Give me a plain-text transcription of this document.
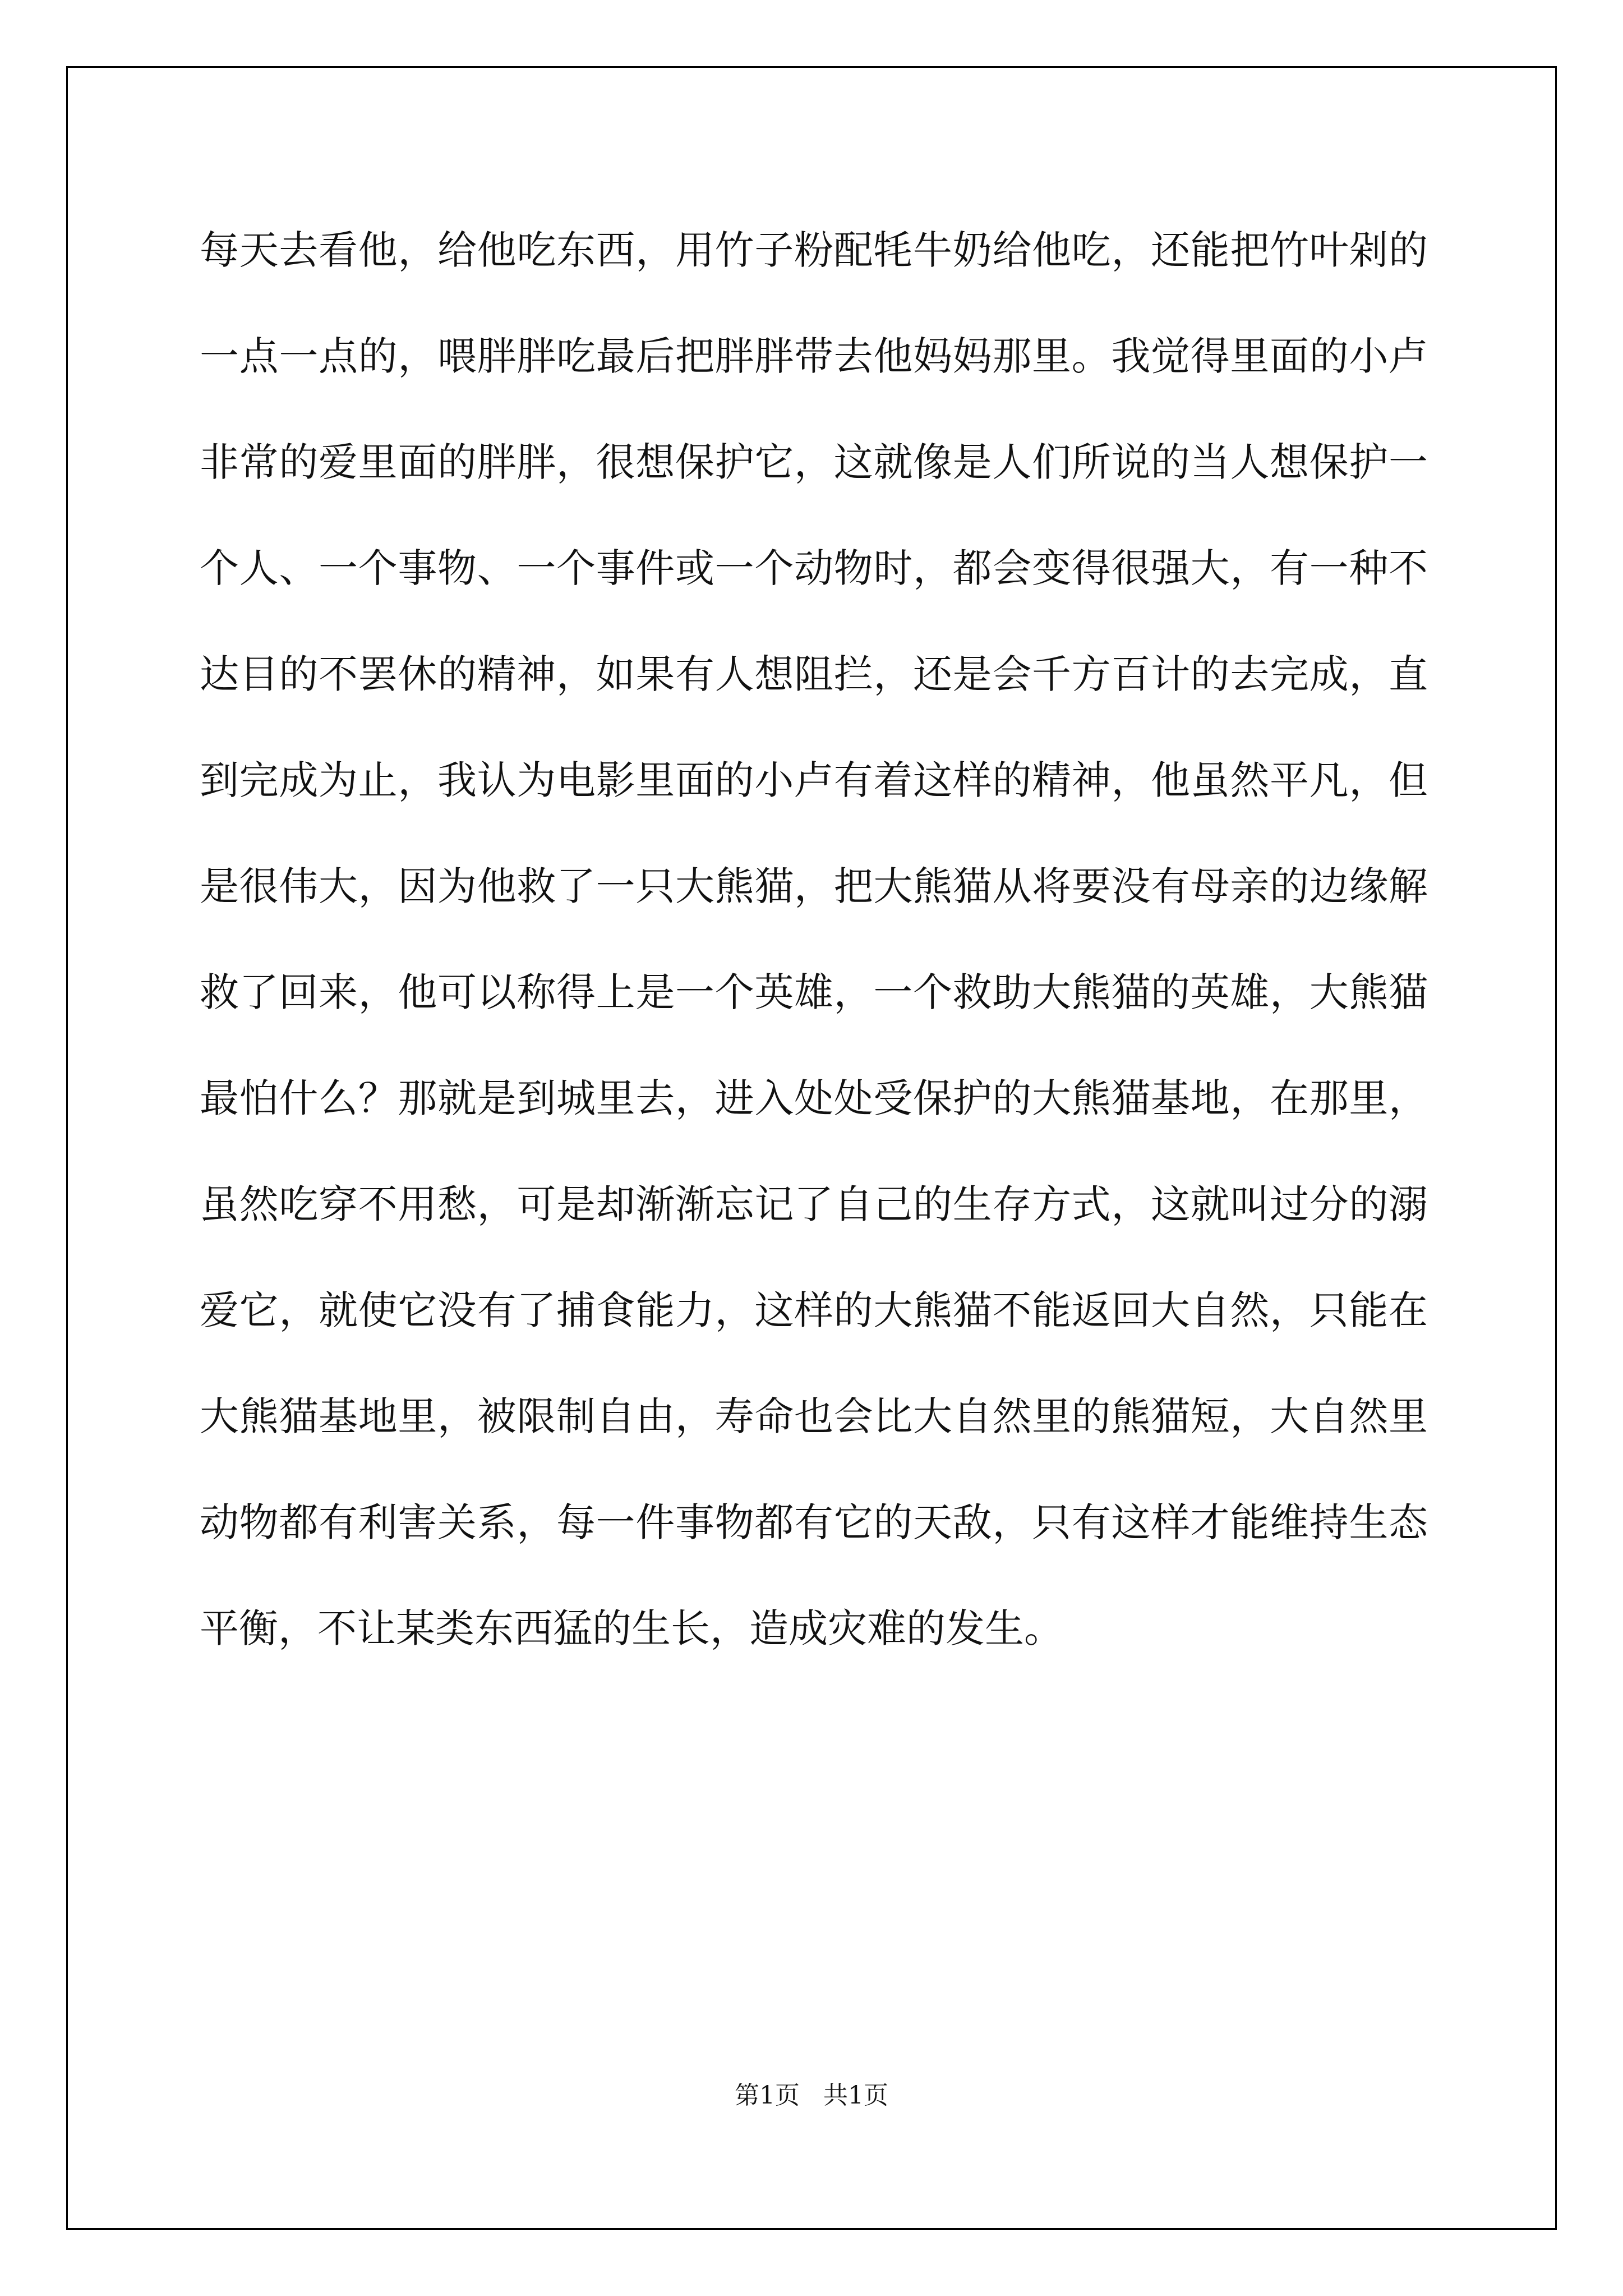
每天去看他，给他吃东西，用竹子粉配牦牛奶给他吃，还能把竹叶剁的一点一点的，喂胖胖吃最后把胖胖带去他妈妈那里。我觉得里面的小卢非常的爱里面的胖胖，很想保护它，这就像是人们所说的当人想保护一个人、一个事物、一个事件或一个动物时，都会变得很强大，有一种不达目的不罢休的精神，如果有人想阻拦，还是会千方百计的去完成，直到完成为止，我认为电影里面的小卢有着这样的精神，他虽然平凡，但是很伟大，因为他救了一只大熊猫，把大熊猫从将要没有母亲的边缘解救了回来，他可以称得上是一个英雄，一个救助大熊猫的英雄，大熊猫最怕什么？那就是到城里去，进入处处受保护的大熊猫基地，在那里，虽然吃穿不用愁，可是却渐渐忘记了自己的生存方式，这就叫过分的溺爱它，就使它没有了捕食能力，这样的大熊猫不能返回大自然，只能在大熊猫基地里，被限制自由，寿命也会比大自然里的熊猫短，大自然里动物都有利害关系，每一件事物都有它的天敌，只有这样才能维持生态平衡，不让某类东西猛的生长，造成灾难的发生。

第1页 共1页
